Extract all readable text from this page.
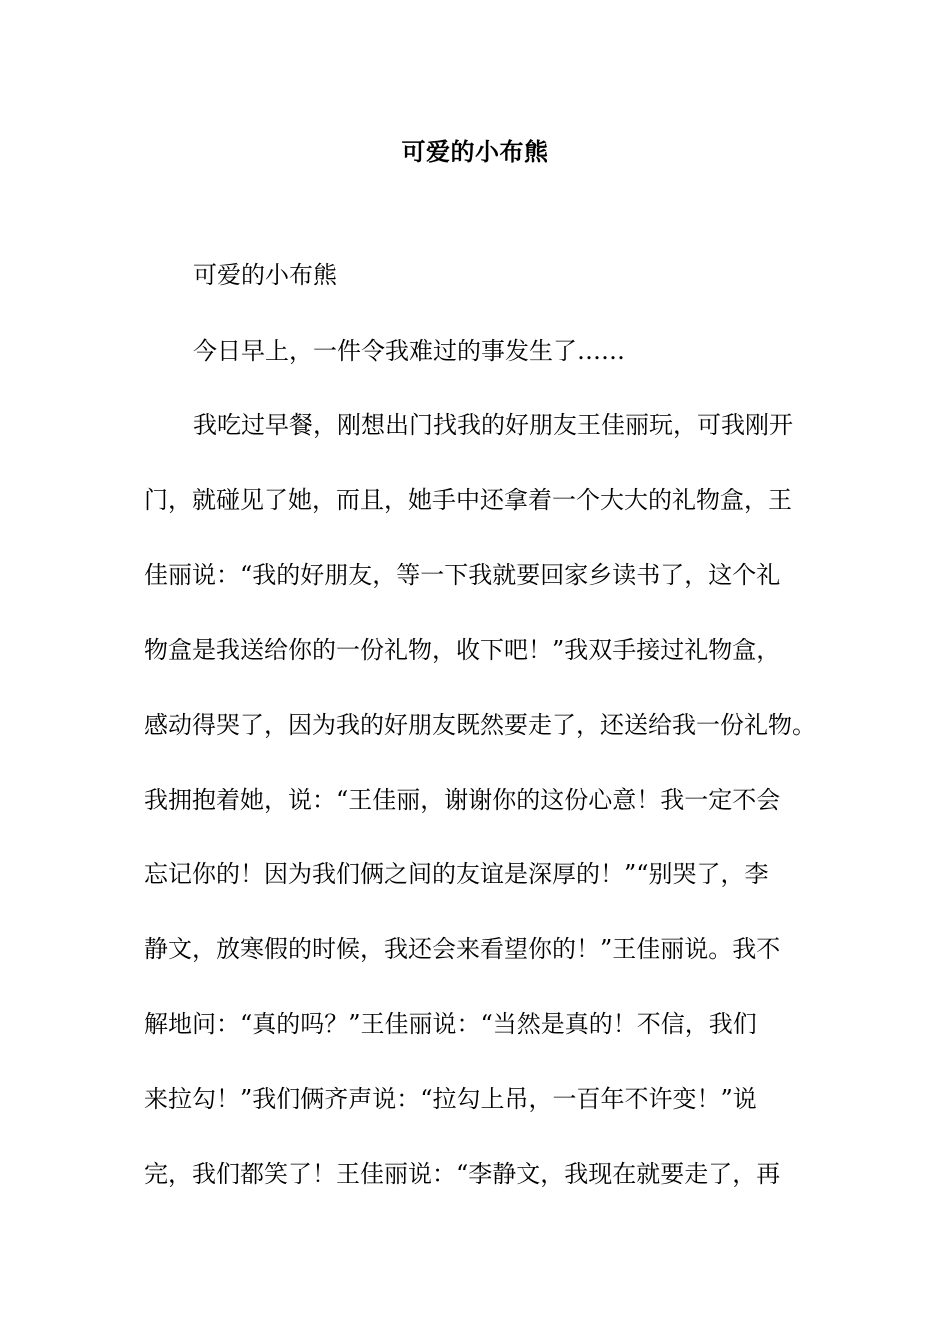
可爱的小布熊
可爱的小布熊
今日早上，一件令我难过的事发生了……
我吃过早餐，刚想出门找我的好朋友王佳丽玩，可我刚开
门，就碰见了她，而且，她手中还拿着一个大大的礼物盒，王
佳丽说：“我的好朋友，等一下我就要回家乡读书了，这个礼
物盒是我送给你的一份礼物，收下吧！”我双手接过礼物盒，
感动得哭了，因为我的好朋友既然要走了，还送给我一份礼物。
我拥抱着她，说：“王佳丽，谢谢你的这份心意！我一定不会
忘记你的！因为我们俩之间的友谊是深厚的！”“别哭了，李
静文，放寒假的时候，我还会来看望你的！”王佳丽说。我不
解地问：“真的吗？”王佳丽说：“当然是真的！不信，我们
来拉勾！”我们俩齐声说：“拉勾上吊，一百年不许变！”说
完，我们都笑了！王佳丽说：“李静文，我现在就要走了，再
